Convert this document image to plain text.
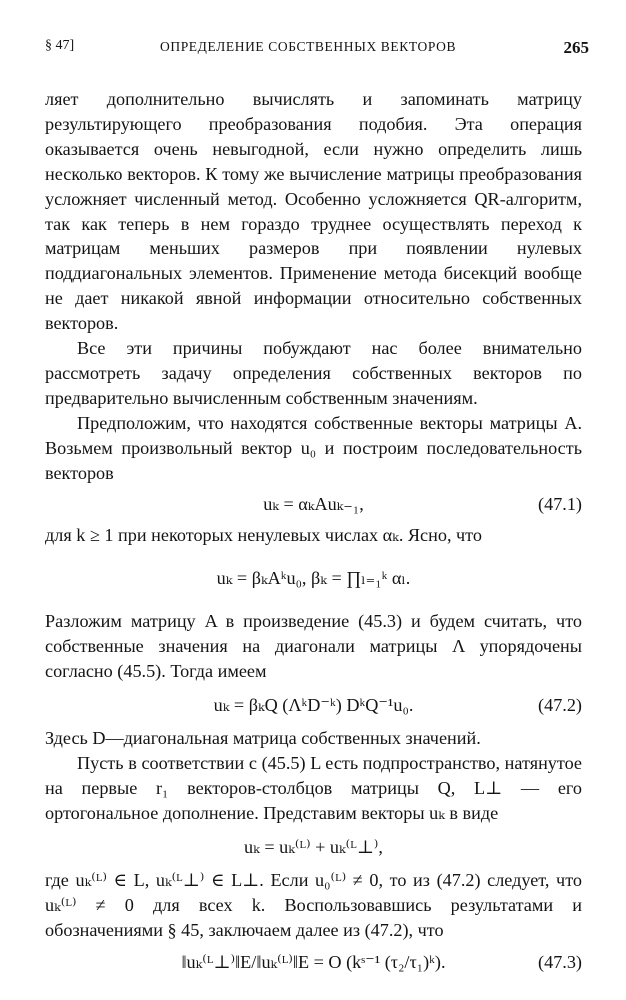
§ 47]	ОПРЕДЕЛЕНИЕ СОБСТВЕННЫХ ВЕКТОРОВ	265

ляет дополнительно вычислять и запоминать матрицу результирующего преобразования подобия. Эта операция оказывается очень невыгодной, если нужно определить лишь несколько векторов. К тому же вычисление матрицы преобразования усложняет численный метод. Особенно усложняется QR-алгоритм, так как теперь в нем гораздо труднее осуществлять переход к матрицам меньших размеров при появлении нулевых поддиагональных элементов. Применение метода бисекций вообще не дает никакой явной информации относительно собственных векторов.

Все эти причины побуждают нас более внимательно рассмотреть задачу определения собственных векторов по предварительно вычисленным собственным значениям.

Предположим, что находятся собственные векторы матрицы A. Возьмем произвольный вектор u₀ и построим последовательность векторов

uₖ = αₖAuₖ₋₁,	(47.1)

для k ≥ 1 при некоторых ненулевых числах αₖ. Ясно, что

uₖ = βₖAᵏu₀, βₖ = ∏ₗ₌₁ᵏ αₗ.

Разложим матрицу A в произведение (45.3) и будем считать, что собственные значения на диагонали матрицы Λ упорядочены согласно (45.5). Тогда имеем

uₖ = βₖQ (ΛᵏD⁻ᵏ) DᵏQ⁻¹u₀.	(47.2)

Здесь D—диагональная матрица собственных значений.

Пусть в соответствии с (45.5) L есть подпространство, натянутое на первые r₁ векторов-столбцов матрицы Q, L⊥ — его ортогональное дополнение. Представим векторы uₖ в виде

uₖ = uₖ⁽ᴸ⁾ + uₖ⁽ᴸ⊥⁾,

где uₖ⁽ᴸ⁾ ∈ L, uₖ⁽ᴸ⊥⁾ ∈ L⊥. Если u₀⁽ᴸ⁾ ≠ 0, то из (47.2) следует, что uₖ⁽ᴸ⁾ ≠ 0 для всех k. Воспользовавшись результатами и обозначениями § 45, заключаем далее из (47.2), что

‖uₖ⁽ᴸ⊥⁾‖E/‖uₖ⁽ᴸ⁾‖E = O (kˢ⁻¹ (τ₂/τ₁)ᵏ).	(47.3)
